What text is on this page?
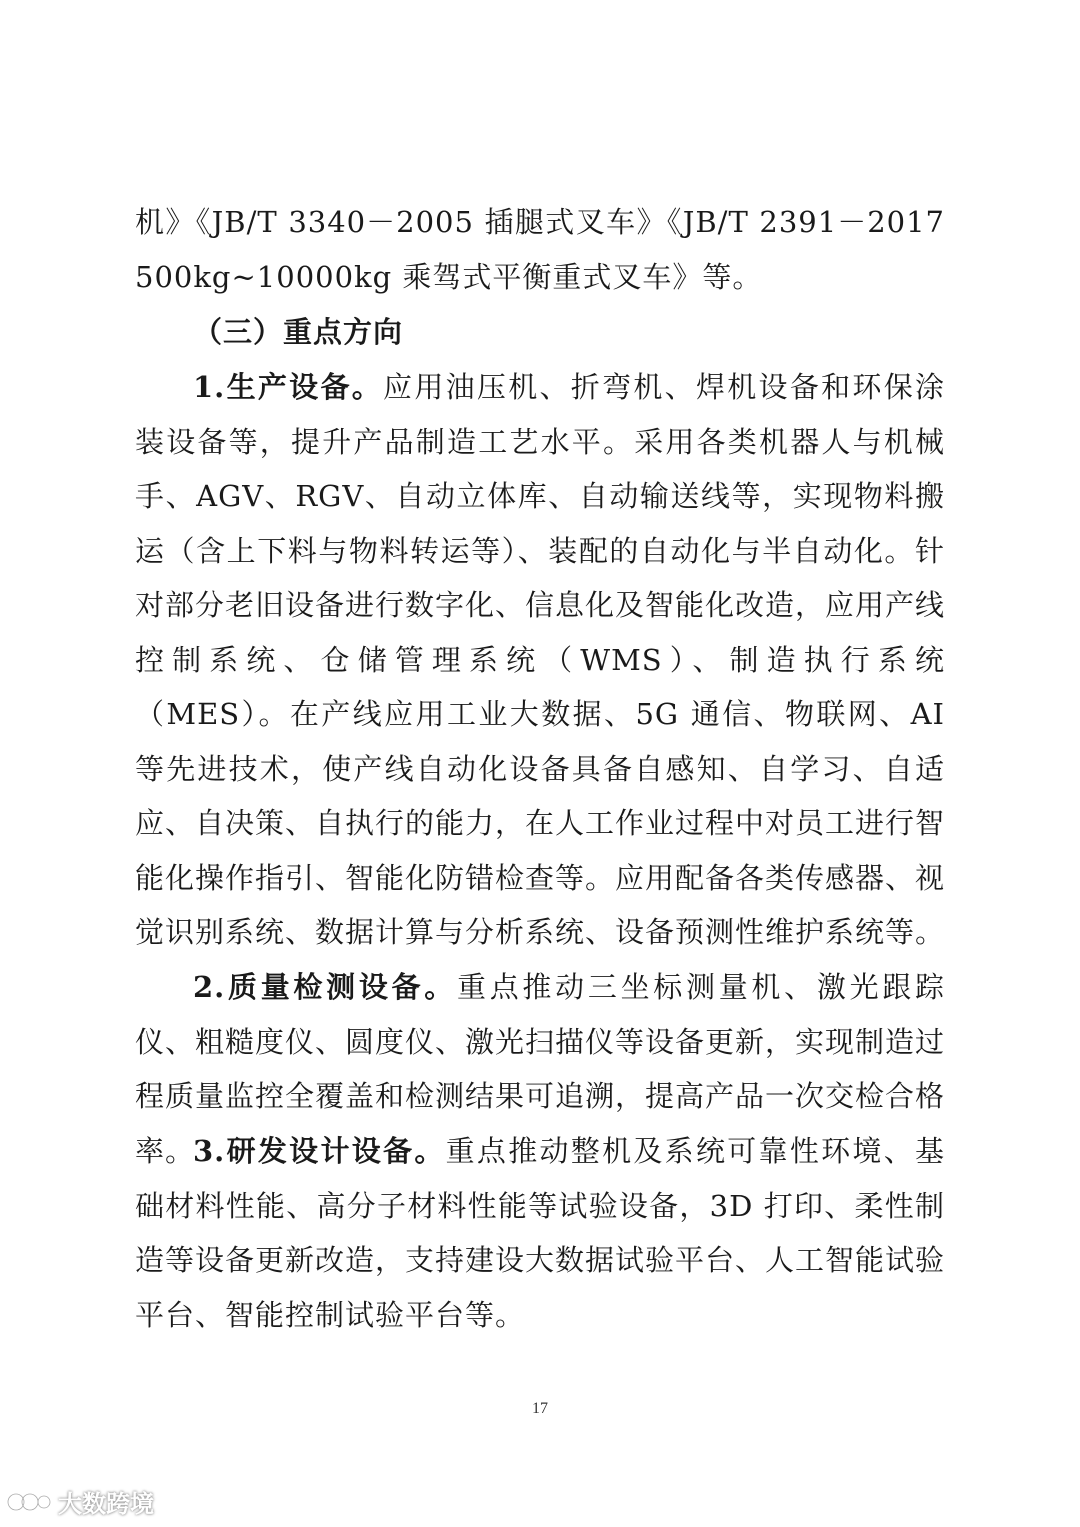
机》《JB/T 3340－2005 插腿式叉车》《JB/T 2391－2017 500kg~10000kg 乘驾式平衡重式叉车》等。
（三）重点方向
1.生产设备。应用油压机、折弯机、焊机设备和环保涂装设备等，提升产品制造工艺水平。采用各类机器人与机械手、AGV、RGV、自动立体库、自动输送线等，实现物料搬运（含上下料与物料转运等）、装配的自动化与半自动化。针对部分老旧设备进行数字化、信息化及智能化改造，应用产线控制系统、仓储管理系统（WMS）、制造执行系统（MES）。在产线应用工业大数据、5G 通信、物联网、AI 等先进技术，使产线自动化设备具备自感知、自学习、自适应、自决策、自执行的能力，在人工作业过程中对员工进行智能化操作指引、智能化防错检查等。应用配备各类传感器、视觉识别系统、数据计算与分析系统、设备预测性维护系统等。
2.质量检测设备。重点推动三坐标测量机、激光跟踪仪、粗糙度仪、圆度仪、激光扫描仪等设备更新，实现制造过程质量监控全覆盖和检测结果可追溯，提高产品一次交检合格率。
3.研发设计设备。重点推动整机及系统可靠性环境、基础材料性能、高分子材料性能等试验设备，3D 打印、柔性制造等设备更新改造，支持建设大数据试验平台、人工智能试验平台、智能控制试验平台等。
17
大数跨境
